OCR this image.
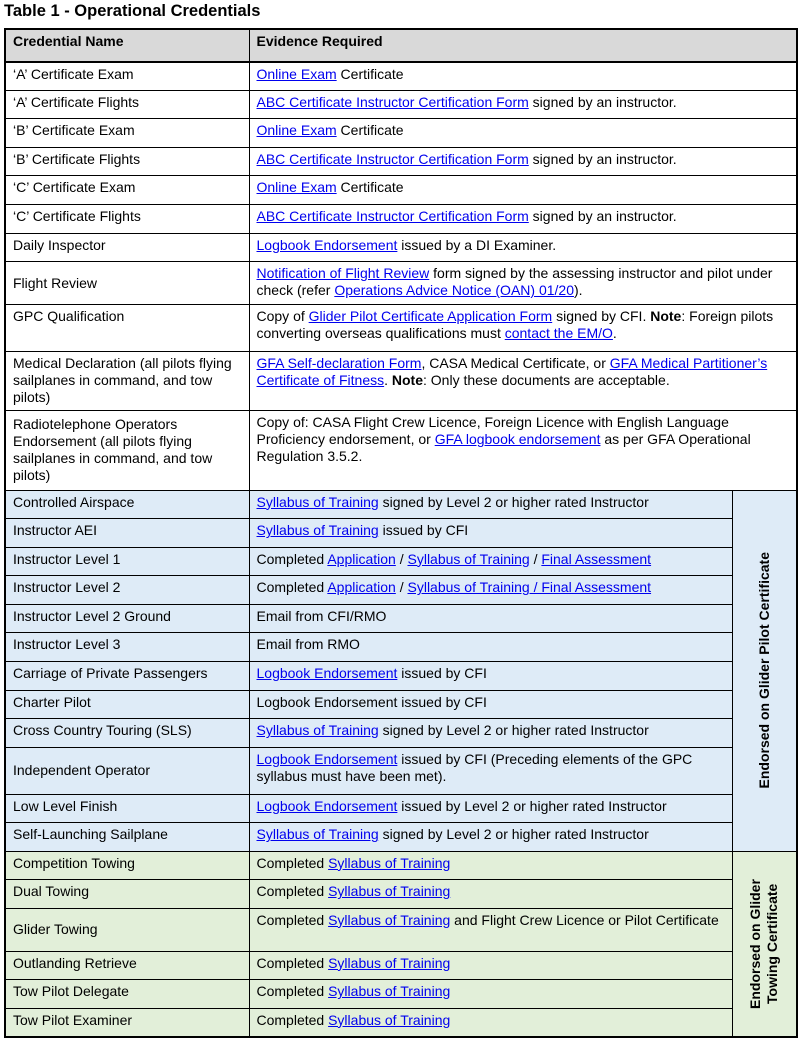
Table 1 - Operational Credentials
Credential Name	Evidence Required	
‘A’ Certificate Exam	Online Exam Certificate	
‘A’ Certificate Flights	ABC Certificate Instructor Certification Form signed by an instructor.	
‘B’ Certificate Exam	Online Exam Certificate	
‘B’ Certificate Flights	ABC Certificate Instructor Certification Form signed by an instructor.	
‘C’ Certificate Exam	Online Exam Certificate	
‘C’ Certificate Flights	ABC Certificate Instructor Certification Form signed by an instructor.	
Daily Inspector	Logbook Endorsement issued by a DI Examiner.	
Flight Review	Notification of Flight Review form signed by the assessing instructor and pilot under check (refer Operations Advice Notice (OAN) 01/20).	
GPC Qualification	Copy of Glider Pilot Certificate Application Form signed by CFI. Note: Foreign pilots converting overseas qualifications must contact the EM/O.	
Medical Declaration (all pilots flying sailplanes in command, and tow pilots)	GFA Self-declaration Form, CASA Medical Certificate, or GFA Medical Partitioner’s Certificate of Fitness. Note: Only these documents are acceptable.	
Radiotelephone Operators Endorsement (all pilots flying sailplanes in command, and tow pilots)	Copy of: CASA Flight Crew Licence, Foreign Licence with English Language Proficiency endorsement, or GFA logbook endorsement as per GFA Operational Regulation 3.5.2.	
Controlled Airspace	Syllabus of Training signed by Level 2 or higher rated Instructor	Endorsed on Glider Pilot Certificate

Instructor AEI	Syllabus of Training issued by CFI	
Instructor Level 1	Completed Application / Syllabus of Training / Final Assessment	
Instructor Level 2	Completed Application / Syllabus of Training / Final Assessment	
Instructor Level 2 Ground	Email from CFI/RMO	
Instructor Level 3	Email from RMO	
Carriage of Private Passengers	Logbook Endorsement issued by CFI	
Charter Pilot	Logbook Endorsement issued by CFI	
Cross Country Touring (SLS)	Syllabus of Training signed by Level 2 or higher rated Instructor	
Independent Operator	Logbook Endorsement issued by CFI (Preceding elements of the GPC syllabus must have been met).	
Low Level Finish	Logbook Endorsement issued by Level 2 or higher rated Instructor	
Self-Launching Sailplane	Syllabus of Training signed by Level 2 or higher rated Instructor	
Competition Towing	Completed Syllabus of Training	Endorsed on Glider Towing Certificate

Dual Towing	Completed Syllabus of Training	
Glider Towing	Completed Syllabus of Training and Flight Crew Licence or Pilot Certificate	
Outlanding Retrieve	Completed Syllabus of Training	
Tow Pilot Delegate	Completed Syllabus of Training	
Tow Pilot Examiner	Completed Syllabus of Training	
